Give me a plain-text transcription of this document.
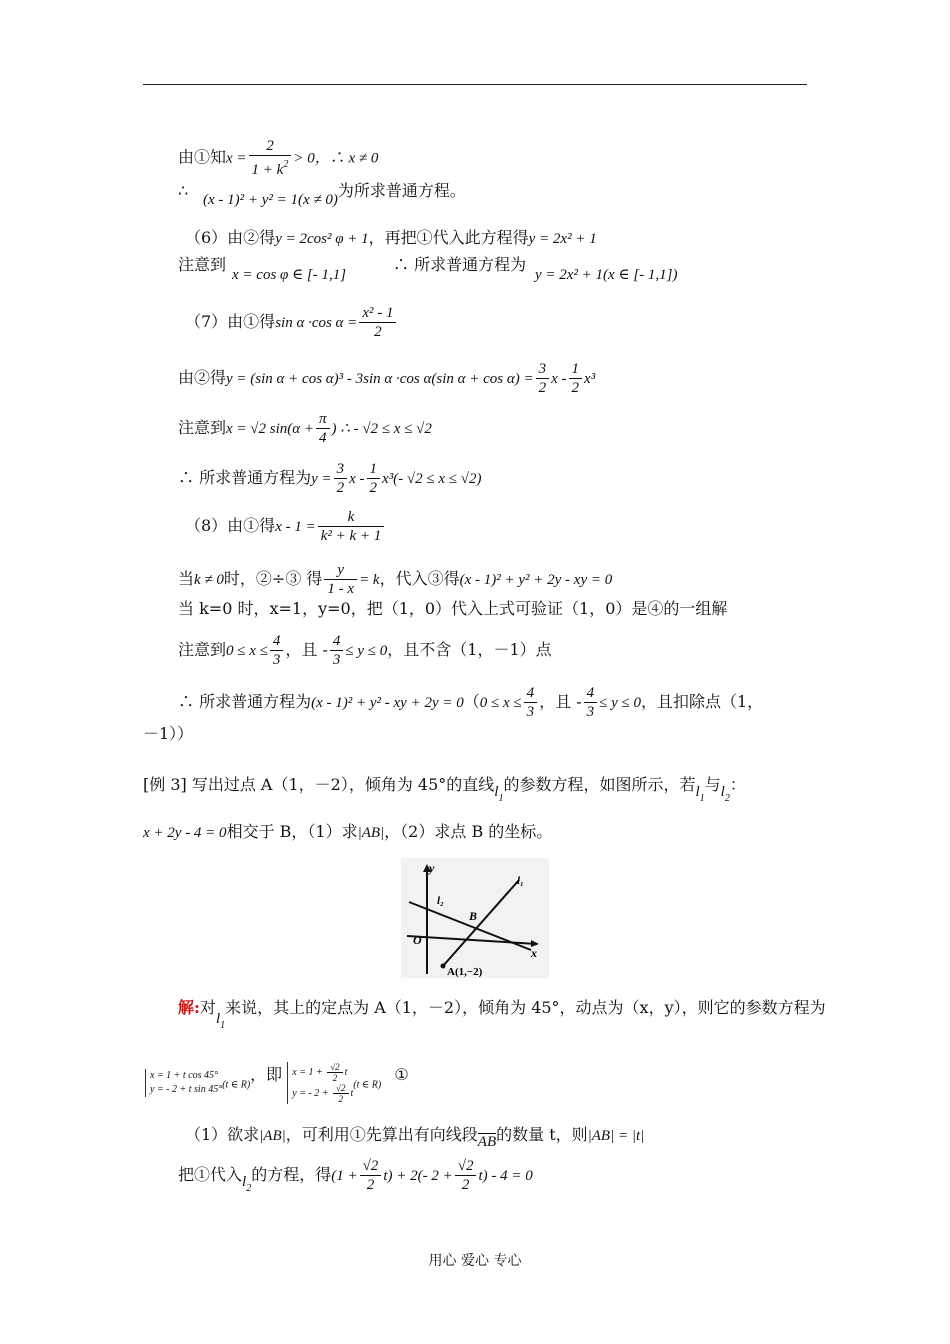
由①知$x = \frac{2}{1 + k^2} > 0$，∴ x ≠ 0
∴ (x - 1)² + y² = 1(x ≠ 0)为所求普通方程。
（6）由②得y = 2cos² φ + 1，再把①代入此方程得y = 2x² + 1
注意到
x = cos φ ∈ [- 1,1]
∴ 所求普通方程为
y = 2x² + 1(x ∈ [- 1,1])
（7）由①得sin α ·cos $\alpha = \frac{\text{x² - 1}}{2}$
由②得y = (sin α + cos α)³ - 3sin α ·cos α(sin $\alpha + \cos \alpha) = \frac{3}{2}$ x - $\frac{1}{2} x^3$
注意到x = √2 $\sin(\alpha + \frac{\pi}{4}$ ) ∴ - √2 ≤ x ≤ √2
∴ 所求普通方程为$y = \frac{3}{2}$ x - $\frac{1}{2} x^3(-$ √2 ≤ x ≤ √2)
（8）由①得$x - 1 = \frac{k}{\text{k² + k + 1}}$
当k ≠ 0时，②÷③ 得 $\frac{y}{1 - x} = k$，代入③得(x - 1)² + y² + 2y - xy = 0
当 k=0 时，x=1，y=0，把（1，0）代入上式可验证（1，0）是④的一组解
注意到$0 \le x \le \frac{4}{3}$ ，且 - $\frac{4}{3} \le y \le 0$，且不含（1，－1）点
∴ 所求普通方程为(x - 1)² + y² - xy + $2y = 0(0 \le x \le \frac{4}{3}$ ，且 - $\frac{4}{3} \le y \le 0$，且扣除点（1，
－1））
[例 3] 写出过点 A（1，－2），倾角为 45°的直线$l_1$的参数方程，如图所示，若$l_1$与$l_2$：
x + 2y - 4 = 0相交于 B，（1）求|AB|，（2）求点 B 的坐标。
y
x
O
l₁
l₂
B
A(1,−2)
解:对$l_1$来说，其上的定点为 A（1，－2），倾角为 45°，动点为（x，y），则它的参数方程为
x = 1 + t cos 45°
y = - 2 + t sin 45°(t ∈ R)，即 $x = 1 + \frac{√2}{2}$ t
y = - $2 + \frac{√2}{2} t(t$ ∈ R) ①
（1）欲求|AB|，可利用①先算出有向线段AB的数量 t，则|AB| = |t|
把①代入$l_2$的方程，得$(1 + \frac{√2}{2} t) + 2(-$ $2 + \frac{√2}{2} t) - 4 = 0$
用心 爱心 专心
